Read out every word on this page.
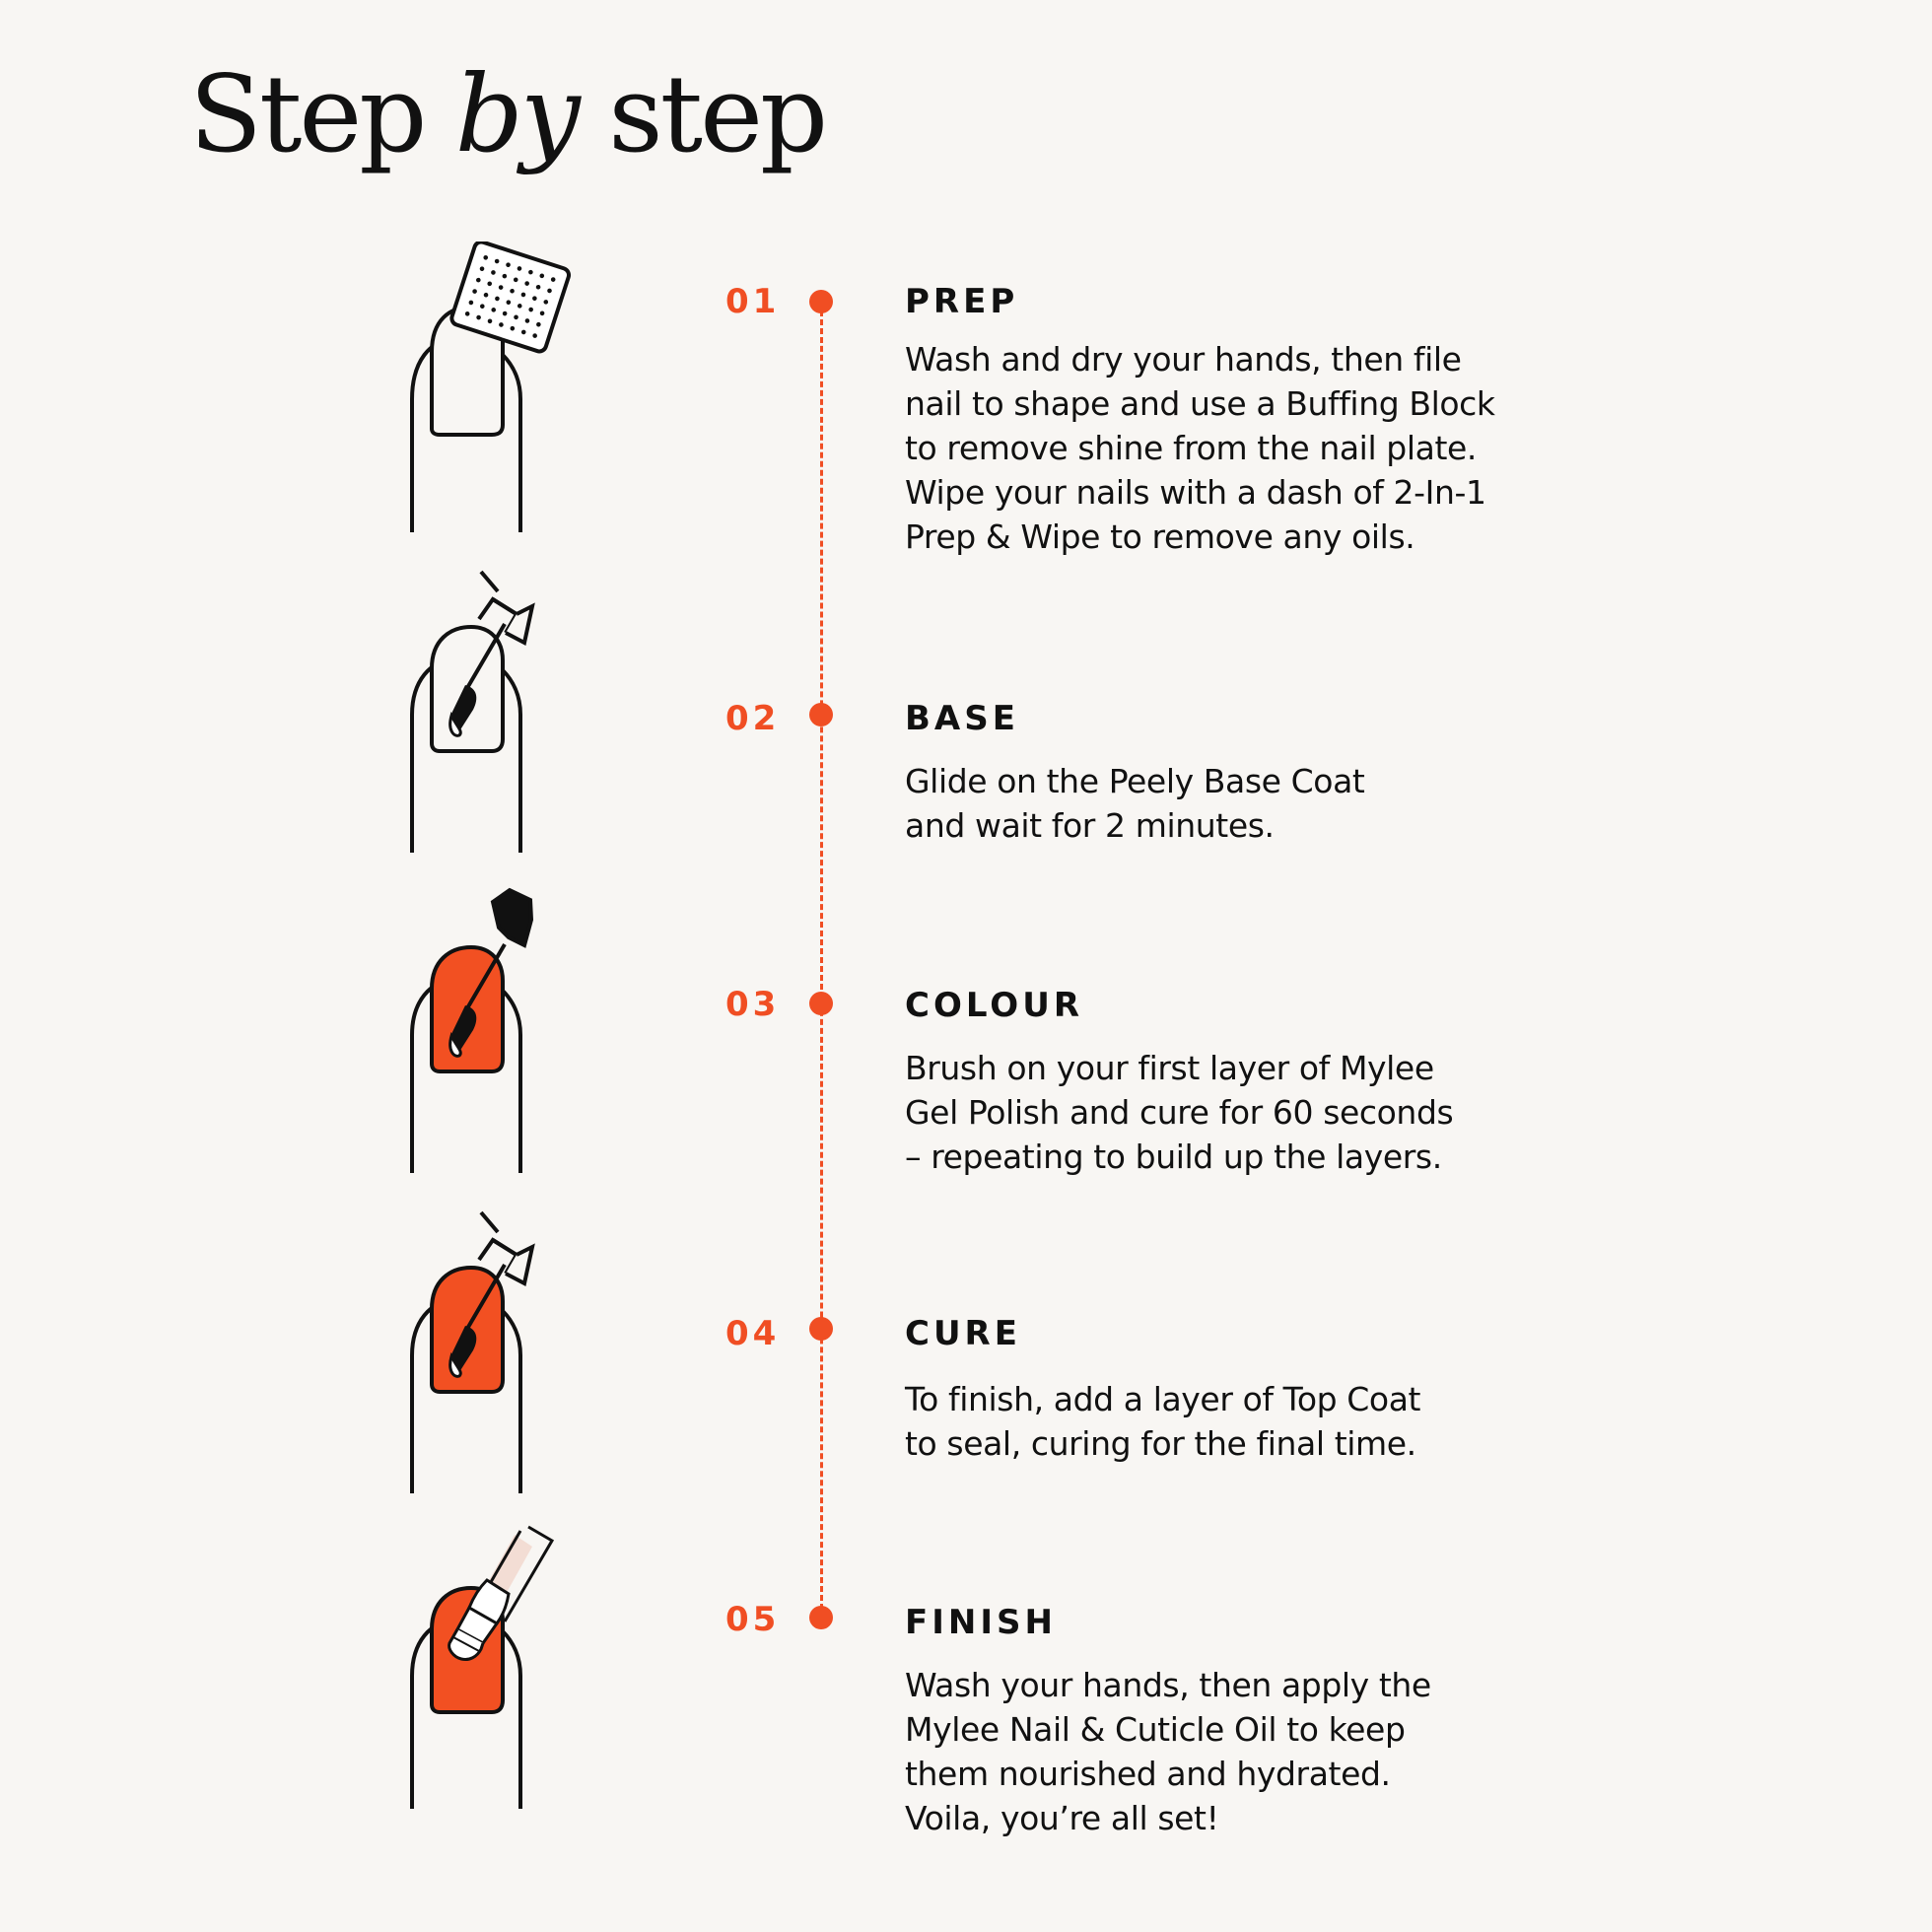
Step by step
01	PREP
Wash and dry your hands, then file
nail to shape and use a Buffing Block
to remove shine from the nail plate.
Wipe your nails with a dash of 2-In-1
Prep & Wipe to remove any oils.
02	BASE
Glide on the Peely Base Coat
and wait for 2 minutes.
03	COLOUR
Brush on your first layer of Mylee
Gel Polish and cure for 60 seconds
– repeating to build up the layers.
04	CURE
To finish, add a layer of Top Coat
to seal, curing for the final time.
05	FINISH
Wash your hands, then apply the
Mylee Nail & Cuticle Oil to keep
them nourished and hydrated.
Voila, you’re all set!
